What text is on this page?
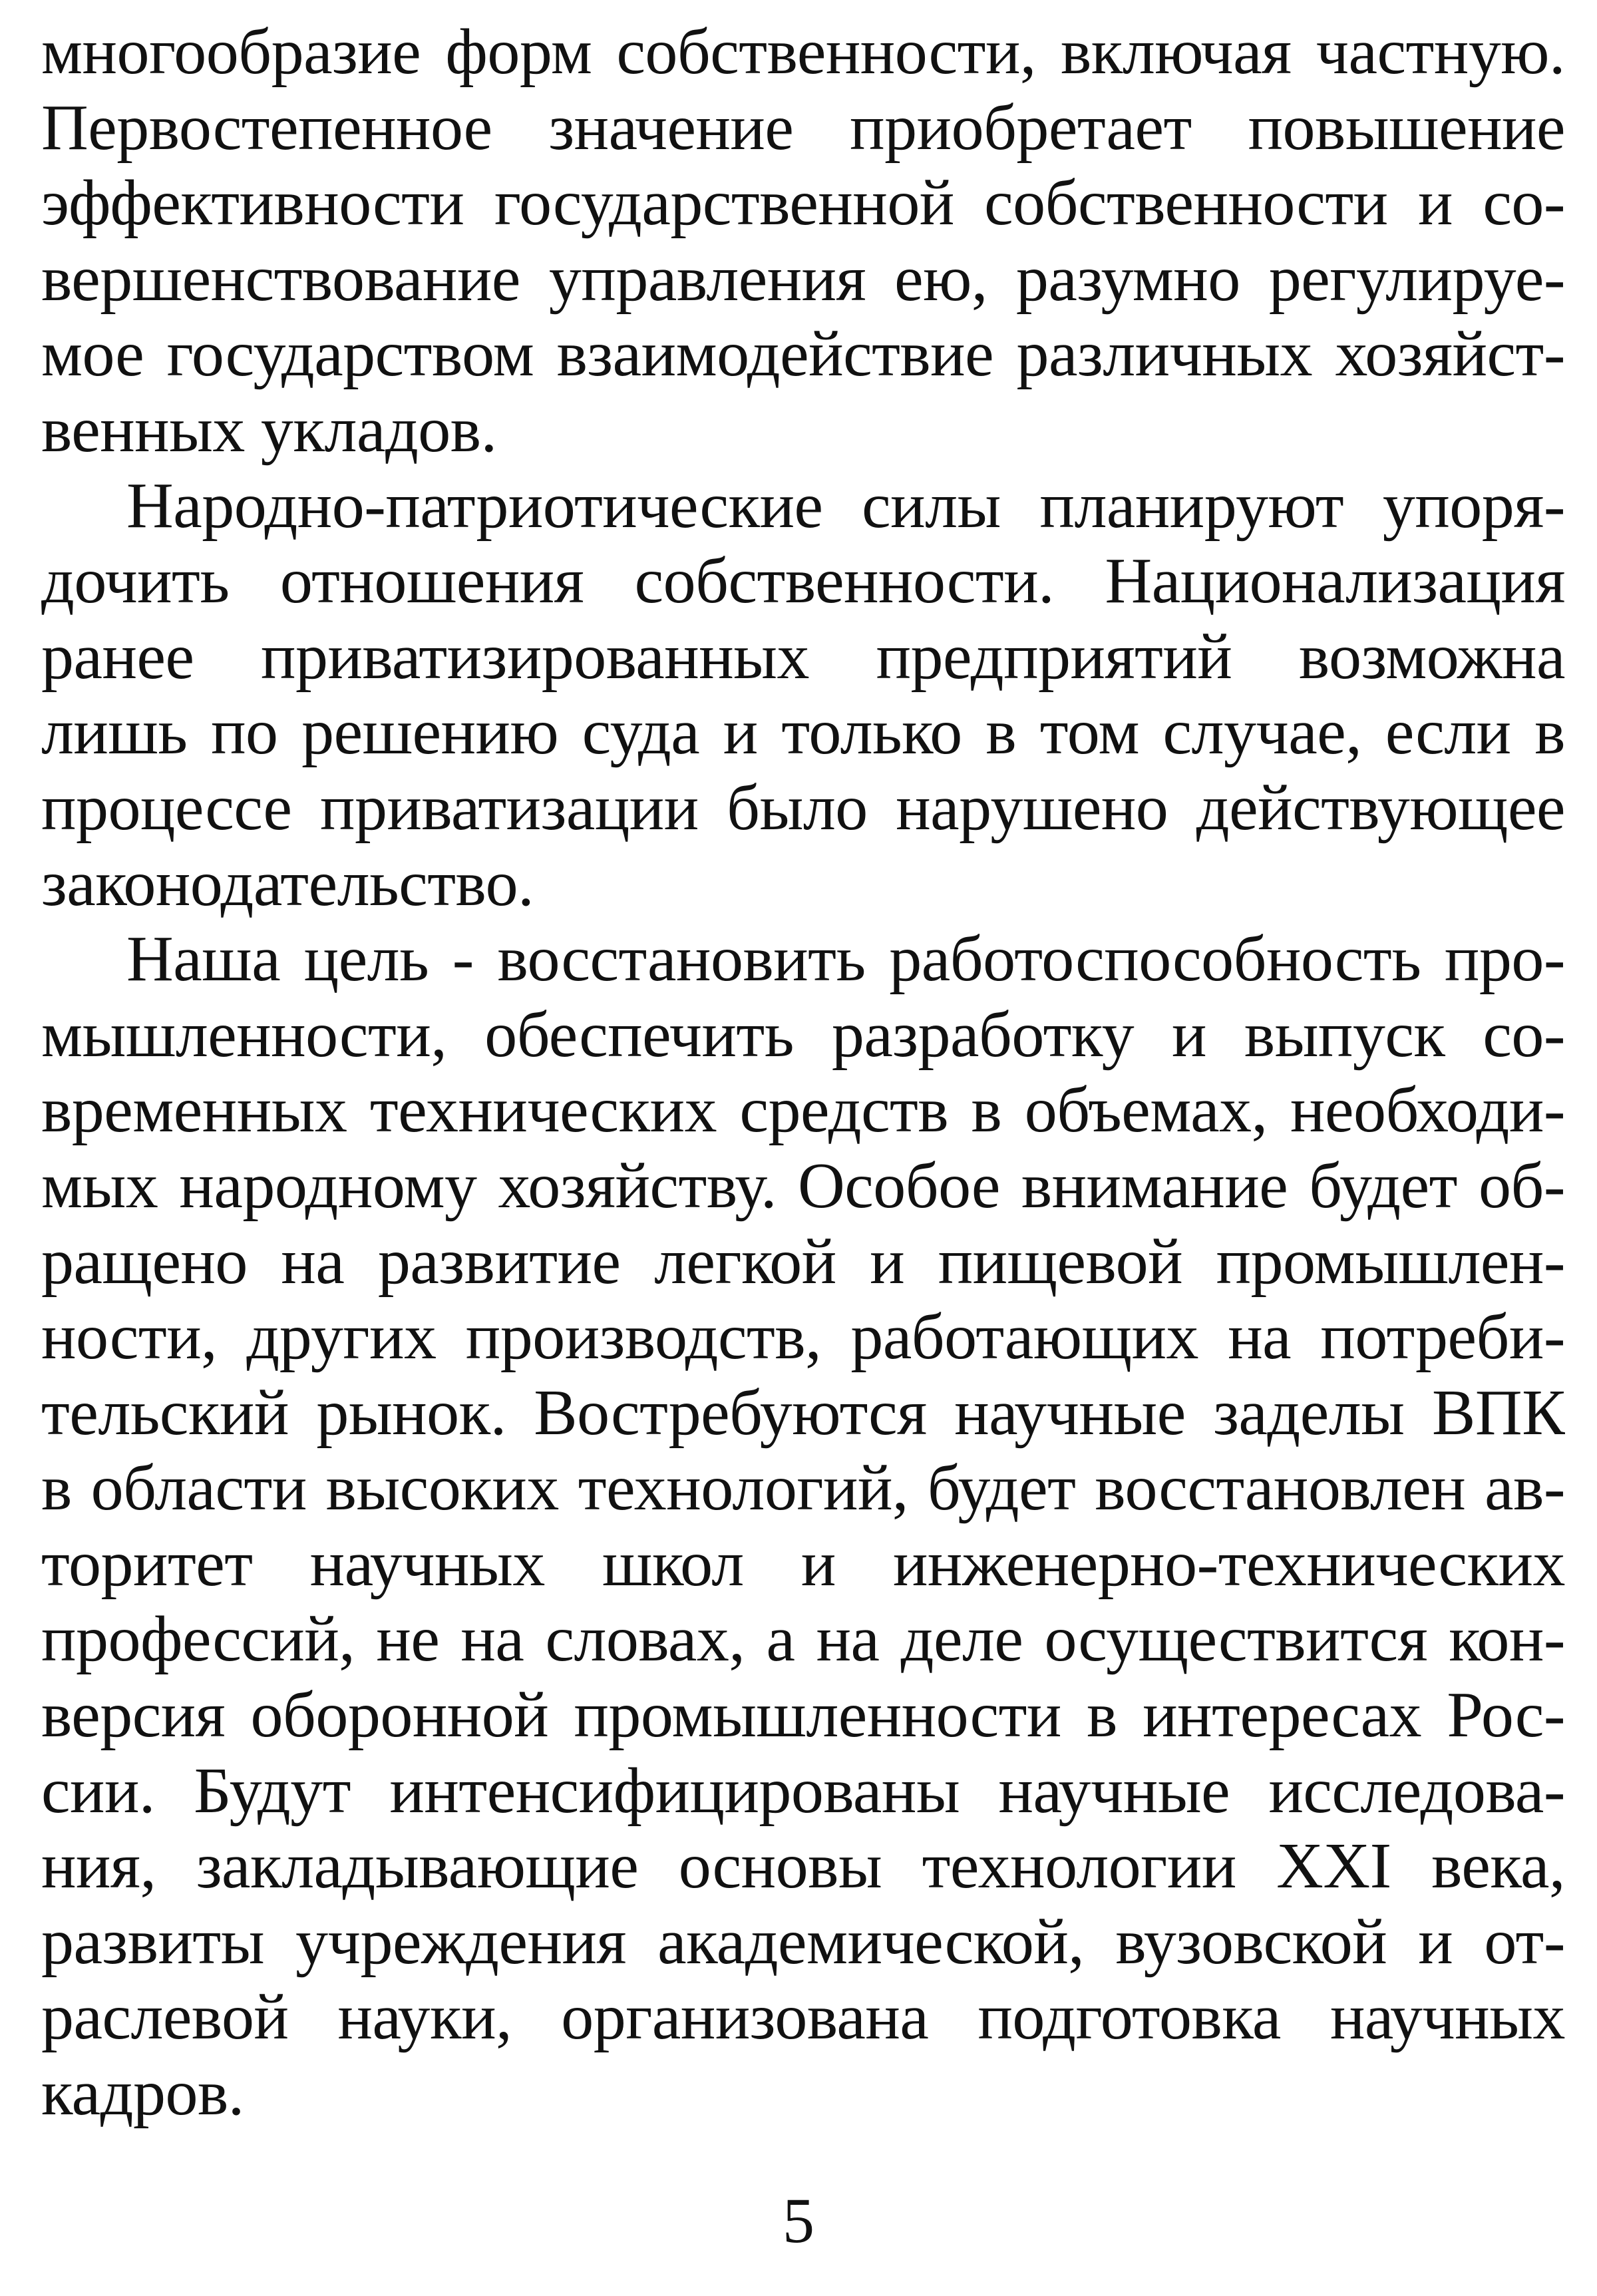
многообразие форм собственности, включая частную.
Первостепенное значение приобретает повышение
эффективности государственной собственности и со-
вершенствование управления ею, разумно регулируе-
мое государством взаимодействие различных хозяйст-
венных укладов.
Народно-патриотические силы планируют упоря-
дочить отношения собственности. Национализация
ранее приватизированных предприятий возможна
лишь по решению суда и только в том случае, если в
процессе приватизации было нарушено действующее
законодательство.
Наша цель - восстановить работоспособность про-
мышленности, обеспечить разработку и выпуск со-
временных технических средств в объемах, необходи-
мых народному хозяйству. Особое внимание будет об-
ращено на развитие легкой и пищевой промышлен-
ности, других производств, работающих на потреби-
тельский рынок. Востребуются научные заделы ВПК
в области высоких технологий, будет восстановлен ав-
торитет научных школ и инженерно-технических
профессий, не на словах, а на деле осуществится кон-
версия оборонной промышленности в интересах Рос-
сии. Будут интенсифицированы научные исследова-
ния, закладывающие основы технологии XXI века,
развиты учреждения академической, вузовской и от-
раслевой науки, организована подготовка научных
кадров.
5
